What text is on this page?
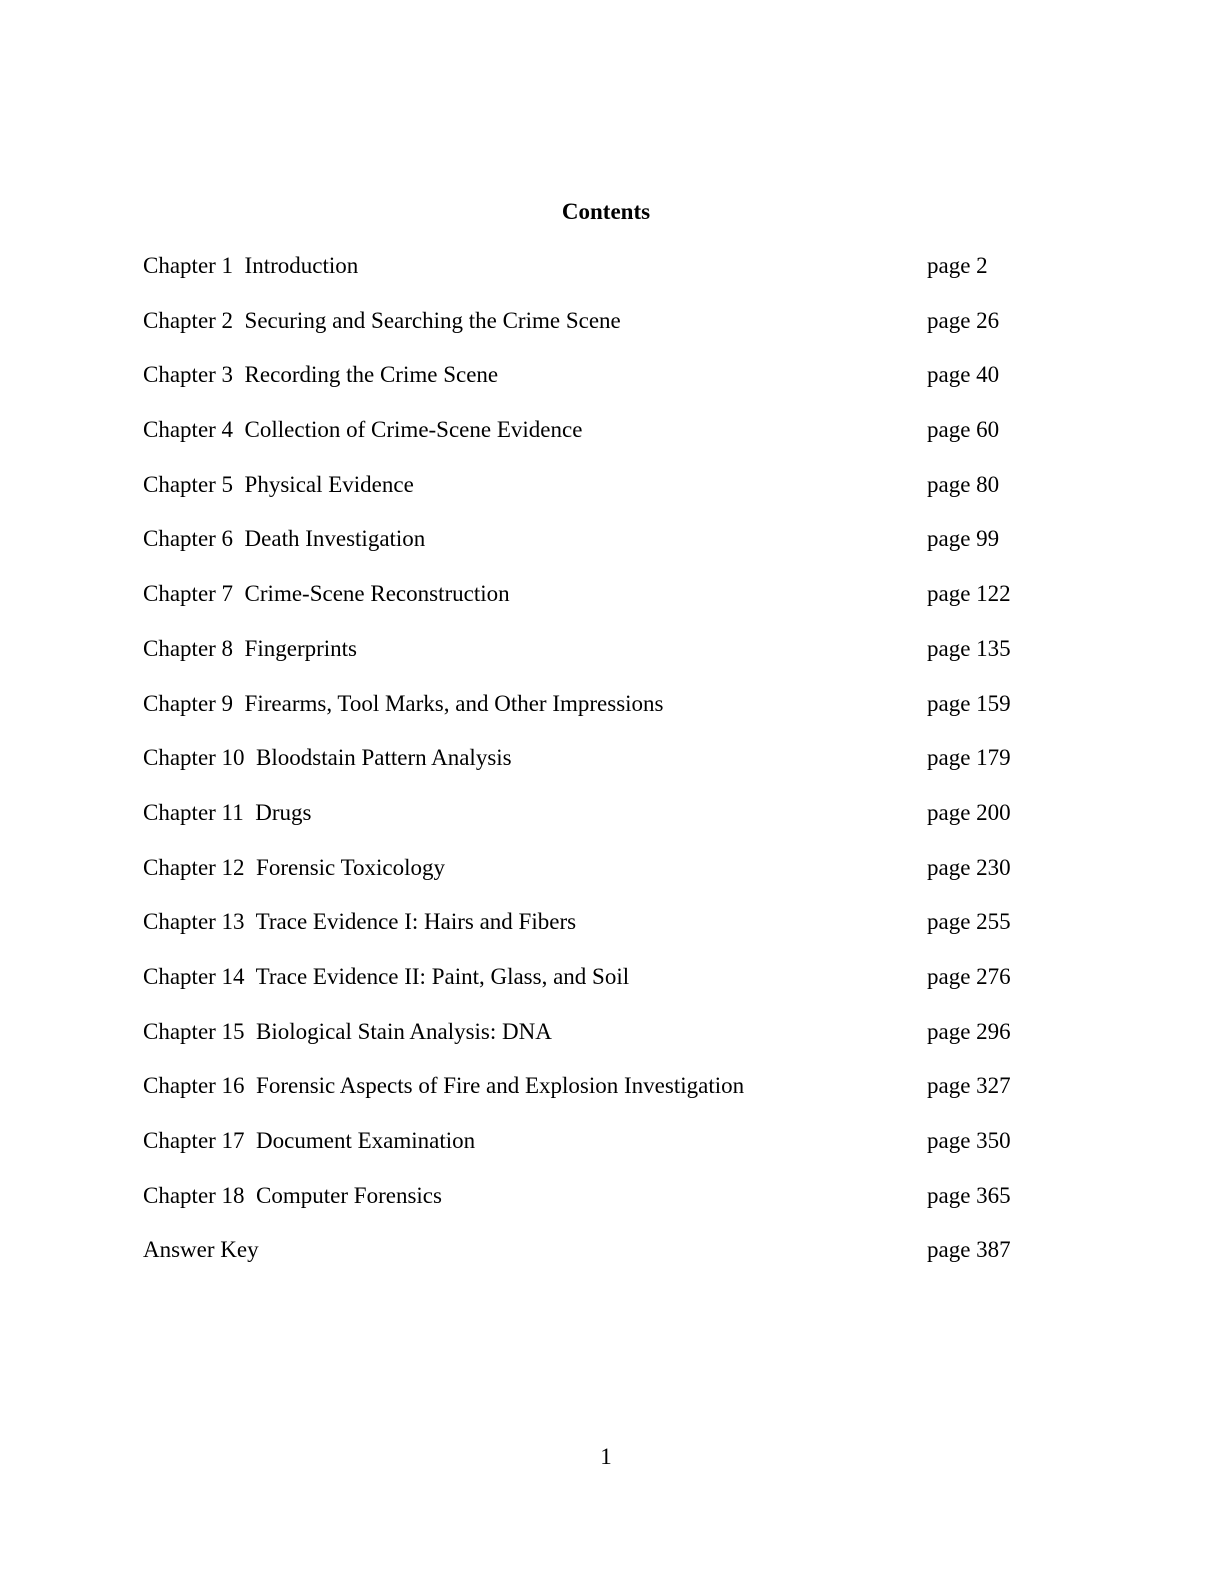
Contents
Chapter 1  Introduction	page 2
Chapter 2  Securing and Searching the Crime Scene	page 26
Chapter 3  Recording the Crime Scene	page 40
Chapter 4  Collection of Crime-Scene Evidence	page 60
Chapter 5  Physical Evidence	page 80
Chapter 6  Death Investigation	page 99
Chapter 7  Crime-Scene Reconstruction	page 122
Chapter 8  Fingerprints	page 135
Chapter 9  Firearms, Tool Marks, and Other Impressions	page 159
Chapter 10  Bloodstain Pattern Analysis	page 179
Chapter 11  Drugs	page 200
Chapter 12  Forensic Toxicology	page 230
Chapter 13  Trace Evidence I: Hairs and Fibers	page 255
Chapter 14  Trace Evidence II: Paint, Glass, and Soil	page 276
Chapter 15  Biological Stain Analysis: DNA	page 296
Chapter 16  Forensic Aspects of Fire and Explosion Investigation	page 327
Chapter 17  Document Examination	page 350
Chapter 18  Computer Forensics	page 365
Answer Key	page 387
1
